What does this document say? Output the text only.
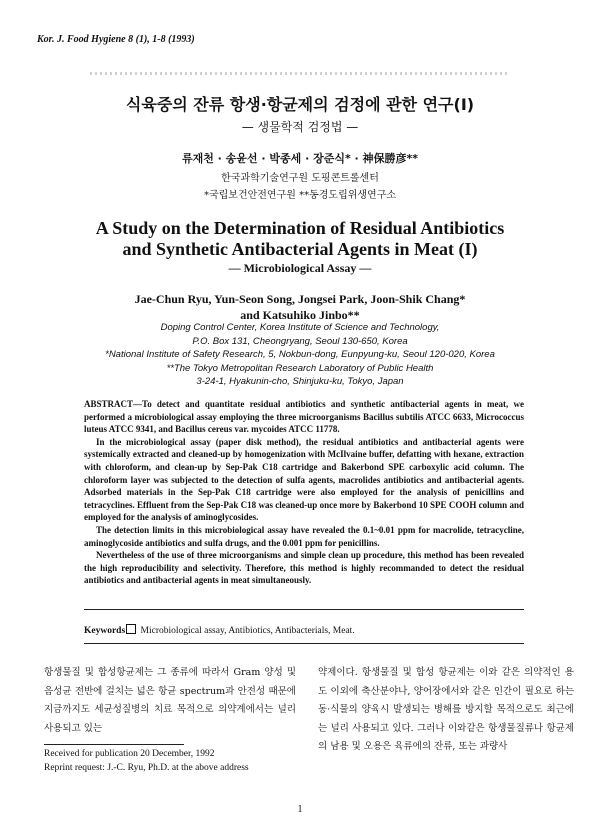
Kor. J. Food Hygiene 8 (1), 1-8 (1993)
식육중의 잔류 항생·항균제의 검정에 관한 연구(I)
— 생물학적 검정법 —
류재천 · 송윤선 · 박종세 · 장준식* · 神保勝彦**
한국과학기술연구원 도핑콘트롤센터
*국립보건안전연구원 **동경도립위생연구소
A Study on the Determination of Residual Antibiotics
and Synthetic Antibacterial Agents in Meat (I)
— Microbiological Assay —
Jae-Chun Ryu, Yun-Seon Song, Jongsei Park, Joon-Shik Chang*
and Katsuhiko Jinbo**
Doping Control Center, Korea Institute of Science and Technology,
P.O. Box 131, Cheongryang, Seoul 130-650, Korea
*National Institute of Safety Research, 5, Nokbun-dong, Eunpyung-ku, Seoul 120-020, Korea
**The Tokyo Metropolitan Research Laboratory of Public Health
3-24-1, Hyakunin-cho, Shinjuku-ku, Tokyo, Japan

ABSTRACT—To detect and quantitate residual antibiotics and synthetic antibacterial agents in meat, we performed a microbiological assay employing the three microorganisms Bacillus subtilis ATCC 6633, Micrococcus luteus ATCC 9341, and Bacillus cereus var. mycoides ATCC 11778.

In the microbiological assay (paper disk method), the residual antibiotics and antibacterial agents were systemically extracted and cleaned-up by homogenization with McIlvaine buffer, defatting with hexane, extraction with chloroform, and clean-up by Sep-Pak C18 cartridge and Bakerbond SPE carboxylic acid column. The chloroform layer was subjected to the detection of sulfa agents, macrolides antibiotics and antibacterial agents. Adsorbed materials in the Sep-Pak C18 cartridge were also employed for the analysis of penicillins and tetracyclines. Effluent from the Sep-Pak C18 was cleaned-up once more by Bakerbond 10 SPE COOH column and employed for the analysis of aminoglycosides.

The detection limits in this microbiological assay have revealed the 0.1~0.01 ppm for macrolide, tetracycline, aminoglycoside antibiotics and sulfa drugs, and the 0.001 ppm for penicillins.

Nevertheless of the use of three microorganisms and simple clean up procedure, this method has been revealed the high reproducibility and selectivity. Therefore, this method is highly recommanded to detect the residual antibiotics and antibacterial agents in meat simultaneously.

Keywords Microbiological assay, Antibiotics, Antibacterials, Meat.
항생물질 및 합성항균제는 그 종류에 따라서 Gram 양성 및 음성균 전반에 걸치는 넓은 항균 spectrum과 안전성 때문에 지금까지도 세균성질병의 치료 목적으로 의약계에서는 널리 사용되고 있는
약제이다. 항생물질 및 합성 항균제는 이와 같은 의약적인 용도 이외에 축산분야나, 양어장에서와 같은 인간이 필요로 하는 동·식물의 양육시 발생되는 병해를 방지할 목적으로도 최근에는 널리 사용되고 있다. 그러나 이와같은 항생물질류나 항균제의 남용 및 오용은 육류에의 잔류, 또는 과량사
Received for publication 20 December, 1992
Reprint request: J.-C. Ryu, Ph.D. at the above address
1
